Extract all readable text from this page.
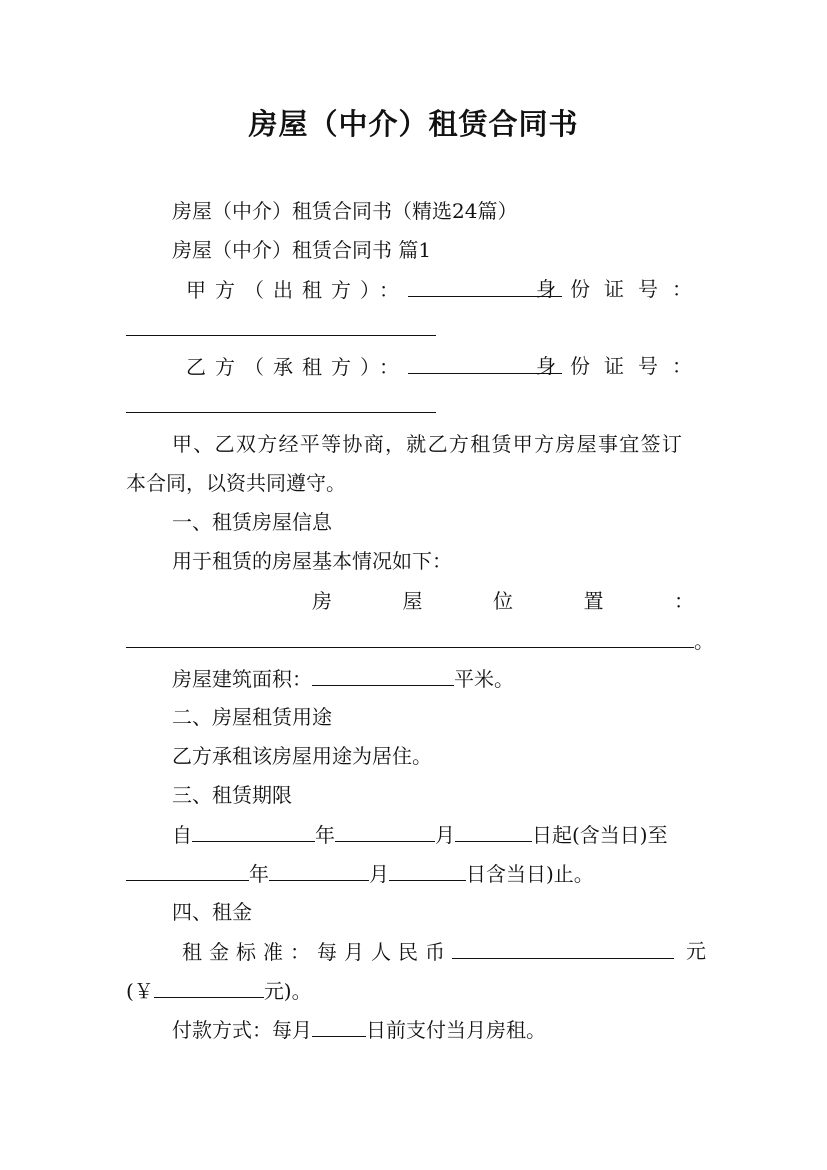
房屋（中介）租赁合同书
房屋（中介）租赁合同书（精选24篇）
房屋（中介）租赁合同书 篇1
甲方（出租方）：	身份证号：
乙方（承租方）：	身份证号：
甲、乙双方经平等协商，就乙方租赁甲方房屋事宜签订
本合同，以资共同遵守。
一、租赁房屋信息
用于租赁的房屋基本情况如下：
房	屋	位	置	：
。
房屋建筑面积：	平米。
二、房屋租赁用途
乙方承租该房屋用途为居住。
三、租赁期限
自	年	月	日起(含当日)至
年	月	日含当日)止。
四、租金
租金标准：每月人民币	元
(￥	元)。
付款方式：每月	日前支付当月房租。
